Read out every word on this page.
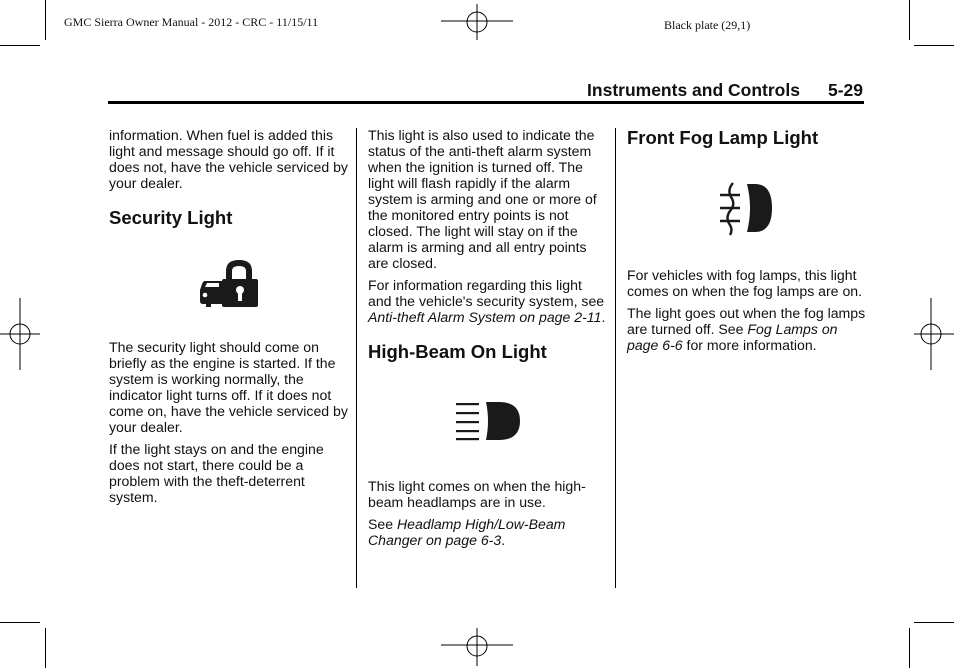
GMC Sierra Owner Manual - 2012 - CRC - 11/15/11	Black plate (29,1)
Instruments and Controls 5-29

information. When fuel is added this light and message should go off. If it does not, have the vehicle serviced by your dealer.

Security Light

The security light should come on briefly as the engine is started. If the system is working normally, the indicator light turns off. If it does not come on, have the vehicle serviced by your dealer.

If the light stays on and the engine does not start, there could be a problem with the theft-deterrent system.

This light is also used to indicate the status of the anti-theft alarm system when the ignition is turned off. The light will flash rapidly if the alarm system is arming and one or more of the monitored entry points is not closed. The light will stay on if the alarm is arming and all entry points are closed.

For information regarding this light and the vehicle's security system, see Anti-theft Alarm System on page 2-11.

High-Beam On Light

This light comes on when the high-beam headlamps are in use.

See Headlamp High/Low-Beam Changer on page 6-3.

Front Fog Lamp Light

For vehicles with fog lamps, this light comes on when the fog lamps are on.

The light goes out when the fog lamps are turned off. See Fog Lamps on page 6-6 for more information.
